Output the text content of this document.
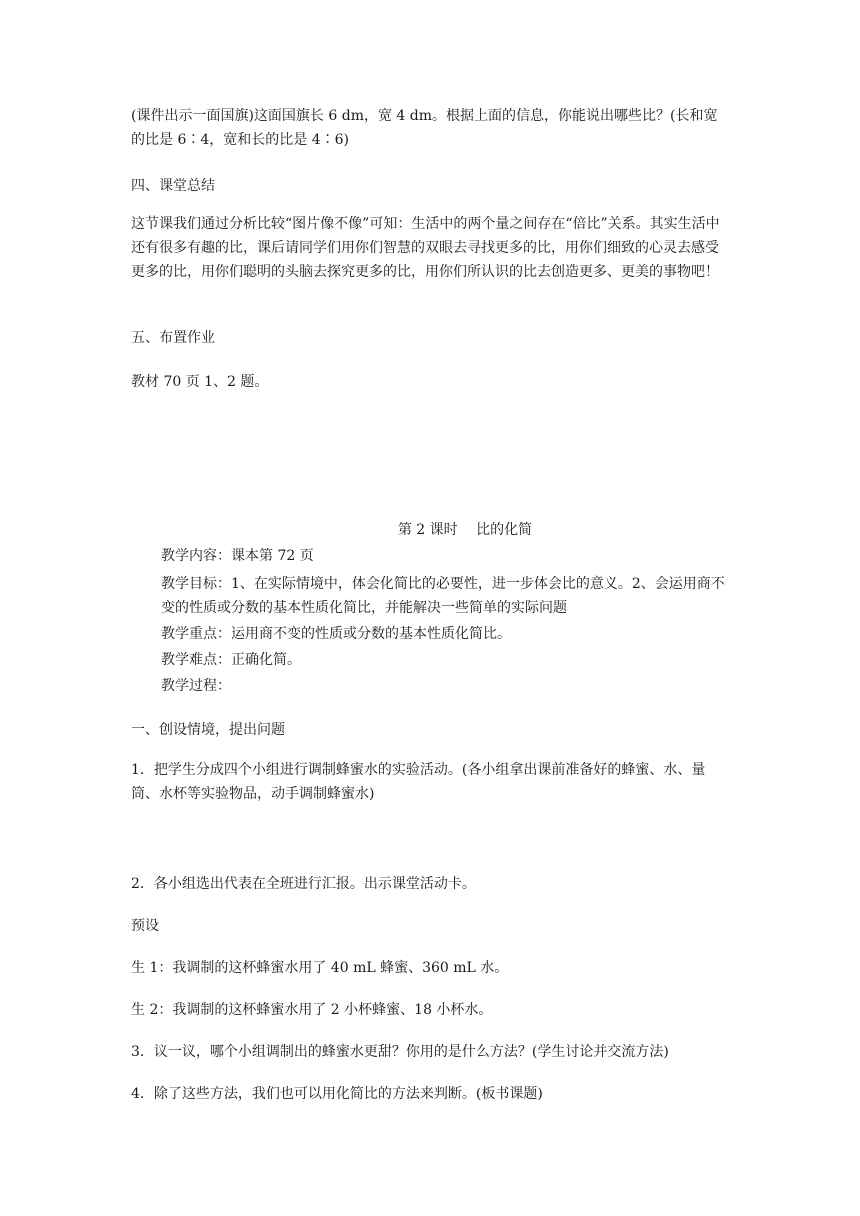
(课件出示一面国旗)这面国旗长 6 dm，宽 4 dm。根据上面的信息，你能说出哪些比？(长和宽的比是 6∶4，宽和长的比是 4∶6)

四、课堂总结

这节课我们通过分析比较“图片像不像”可知：生活中的两个量之间存在“倍比”关系。其实生活中还有很多有趣的比，课后请同学们用你们智慧的双眼去寻找更多的比，用你们细致的心灵去感受更多的比，用你们聪明的头脑去探究更多的比，用你们所认识的比去创造更多、更美的事物吧！

五、布置作业

教材 70 页 1、2 题。

第 2 课时　 比的化简

教学内容：课本第 72 页

教学目标：1、在实际情境中，体会化简比的必要性，进一步体会比的意义。2、会运用商不变的性质或分数的基本性质化简比，并能解决一些简单的实际问题

教学重点：运用商不变的性质或分数的基本性质化简比。

教学难点：正确化简。

教学过程：

一、创设情境，提出问题

1．把学生分成四个小组进行调制蜂蜜水的实验活动。(各小组拿出课前准备好的蜂蜜、水、量筒、水杯等实验物品，动手调制蜂蜜水)

2．各小组选出代表在全班进行汇报。出示课堂活动卡。

预设

生 1：我调制的这杯蜂蜜水用了 40 mL 蜂蜜、360 mL 水。

生 2：我调制的这杯蜂蜜水用了 2 小杯蜂蜜、18 小杯水。

3．议一议，哪个小组调制出的蜂蜜水更甜？你用的是什么方法？(学生讨论并交流方法)

4．除了这些方法，我们也可以用化简比的方法来判断。(板书课题)
